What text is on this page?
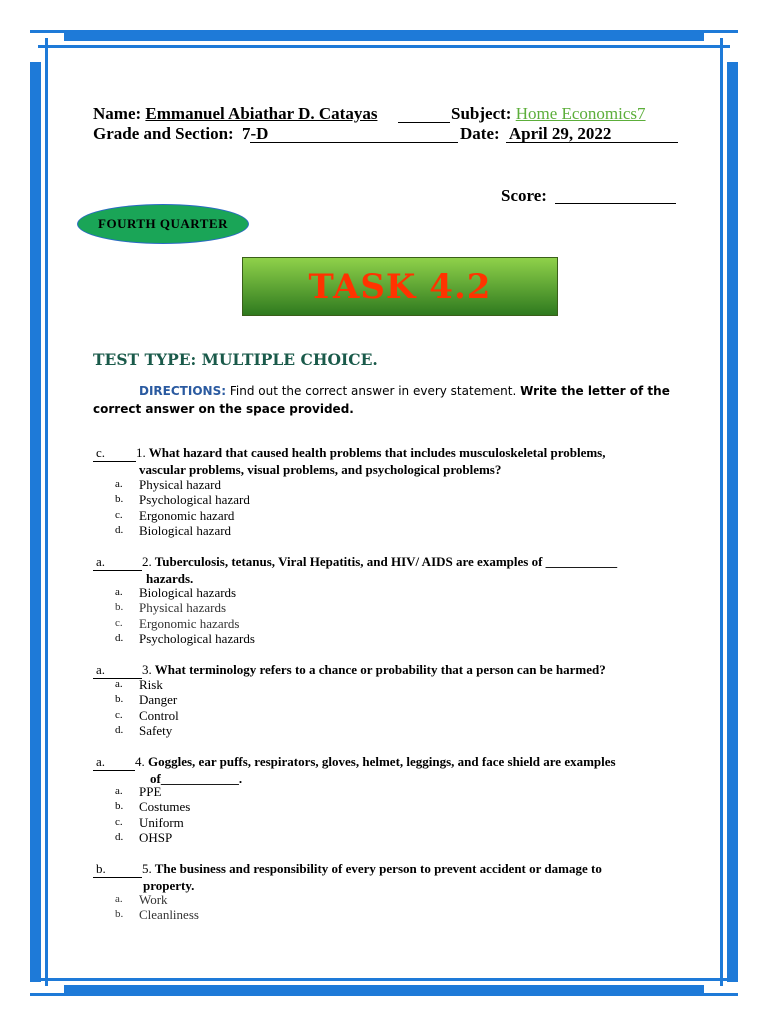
Name: Emmanuel Abiathar D. Catayas	Subject: Home Economics7
Grade and Section: 7-D	Date: April 29, 2022
Score:
FOURTH QUARTER
TASK 4.2
TEST TYPE: MULTIPLE CHOICE.
DIRECTIONS: Find out the correct answer in every statement. Write the letter of the correct answer on the space provided.
c. 1. What hazard that caused health problems that includes musculoskeletal problems,
vascular problems, visual problems, and psychological problems?
a.	Physical hazard
b.	Psychological hazard
c.	Ergonomic hazard
d.	Biological hazard
a.	2. Tuberculosis, tetanus, Viral Hepatitis, and HIV/ AIDS are examples of ___________
hazards.
a.	Biological hazards
b.	Physical hazards
c.	Ergonomic hazards
d.	Psychological hazards
a.	3. What terminology refers to a chance or probability that a person can be harmed?
a.	Risk
b.	Danger
c.	Control
d.	Safety
a. 4. Goggles, ear puffs, respirators, gloves, helmet, leggings, and face shield are examples
of____________.
a.	PPE
b.	Costumes
c.	Uniform
d.	OHSP
b.	5. The business and responsibility of every person to prevent accident or damage to
property.
a.	Work
b.	Cleanliness
